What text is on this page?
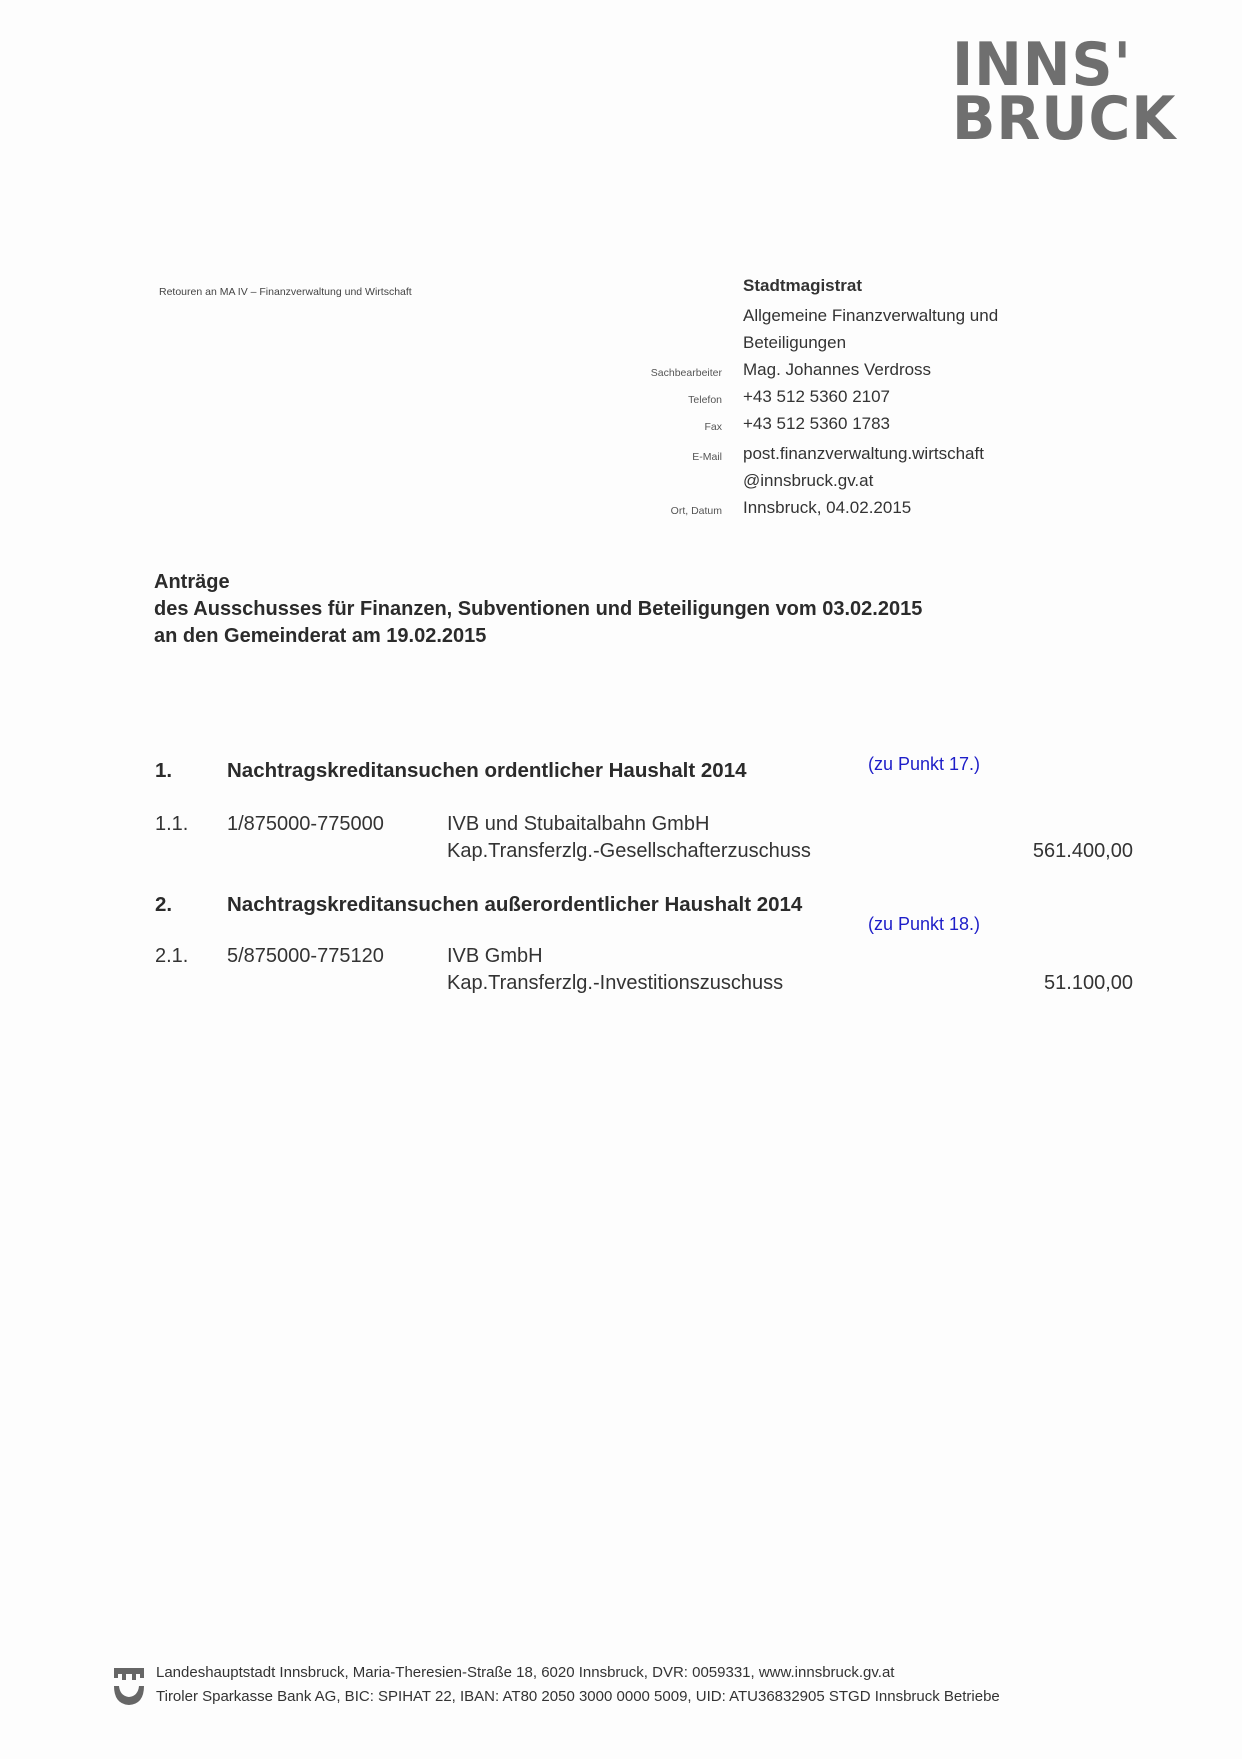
INNS'
BRUCK
Retouren an MA IV – Finanzverwaltung und Wirtschaft	Stadtmagistrat
Allgemeine Finanzverwaltung und
Beteiligungen
Sachbearbeiter Mag. Johannes Verdross
Telefon +43 512 5360 2107
Fax +43 512 5360 1783
E-Mail post.finanzverwaltung.wirtschaft
@innsbruck.gv.at
Ort, Datum Innsbruck, 04.02.2015
Anträge
des Ausschusses für Finanzen, Subventionen und Beteiligungen vom 03.02.2015
an den Gemeinderat am 19.02.2015
1.	Nachtragskreditansuchen ordentlicher Haushalt 2014	(zu Punkt 17.)
1.1. 1/875000-775000	IVB und Stubaitalbahn GmbH
Kap.Transferzlg.-Gesellschafterzuschuss	561.400,00
2.	Nachtragskreditansuchen außerordentlicher Haushalt 2014
(zu Punkt 18.)
2.1. 5/875000-775120	IVB GmbH
Kap.Transferzlg.-Investitionszuschuss	51.100,00
Landeshauptstadt Innsbruck, Maria-Theresien-Straße 18, 6020 Innsbruck, DVR: 0059331, www.innsbruck.gv.at
Tiroler Sparkasse Bank AG, BIC: SPIHAT 22, IBAN: AT80 2050 3000 0000 5009, UID: ATU36832905 STGD Innsbruck Betriebe
